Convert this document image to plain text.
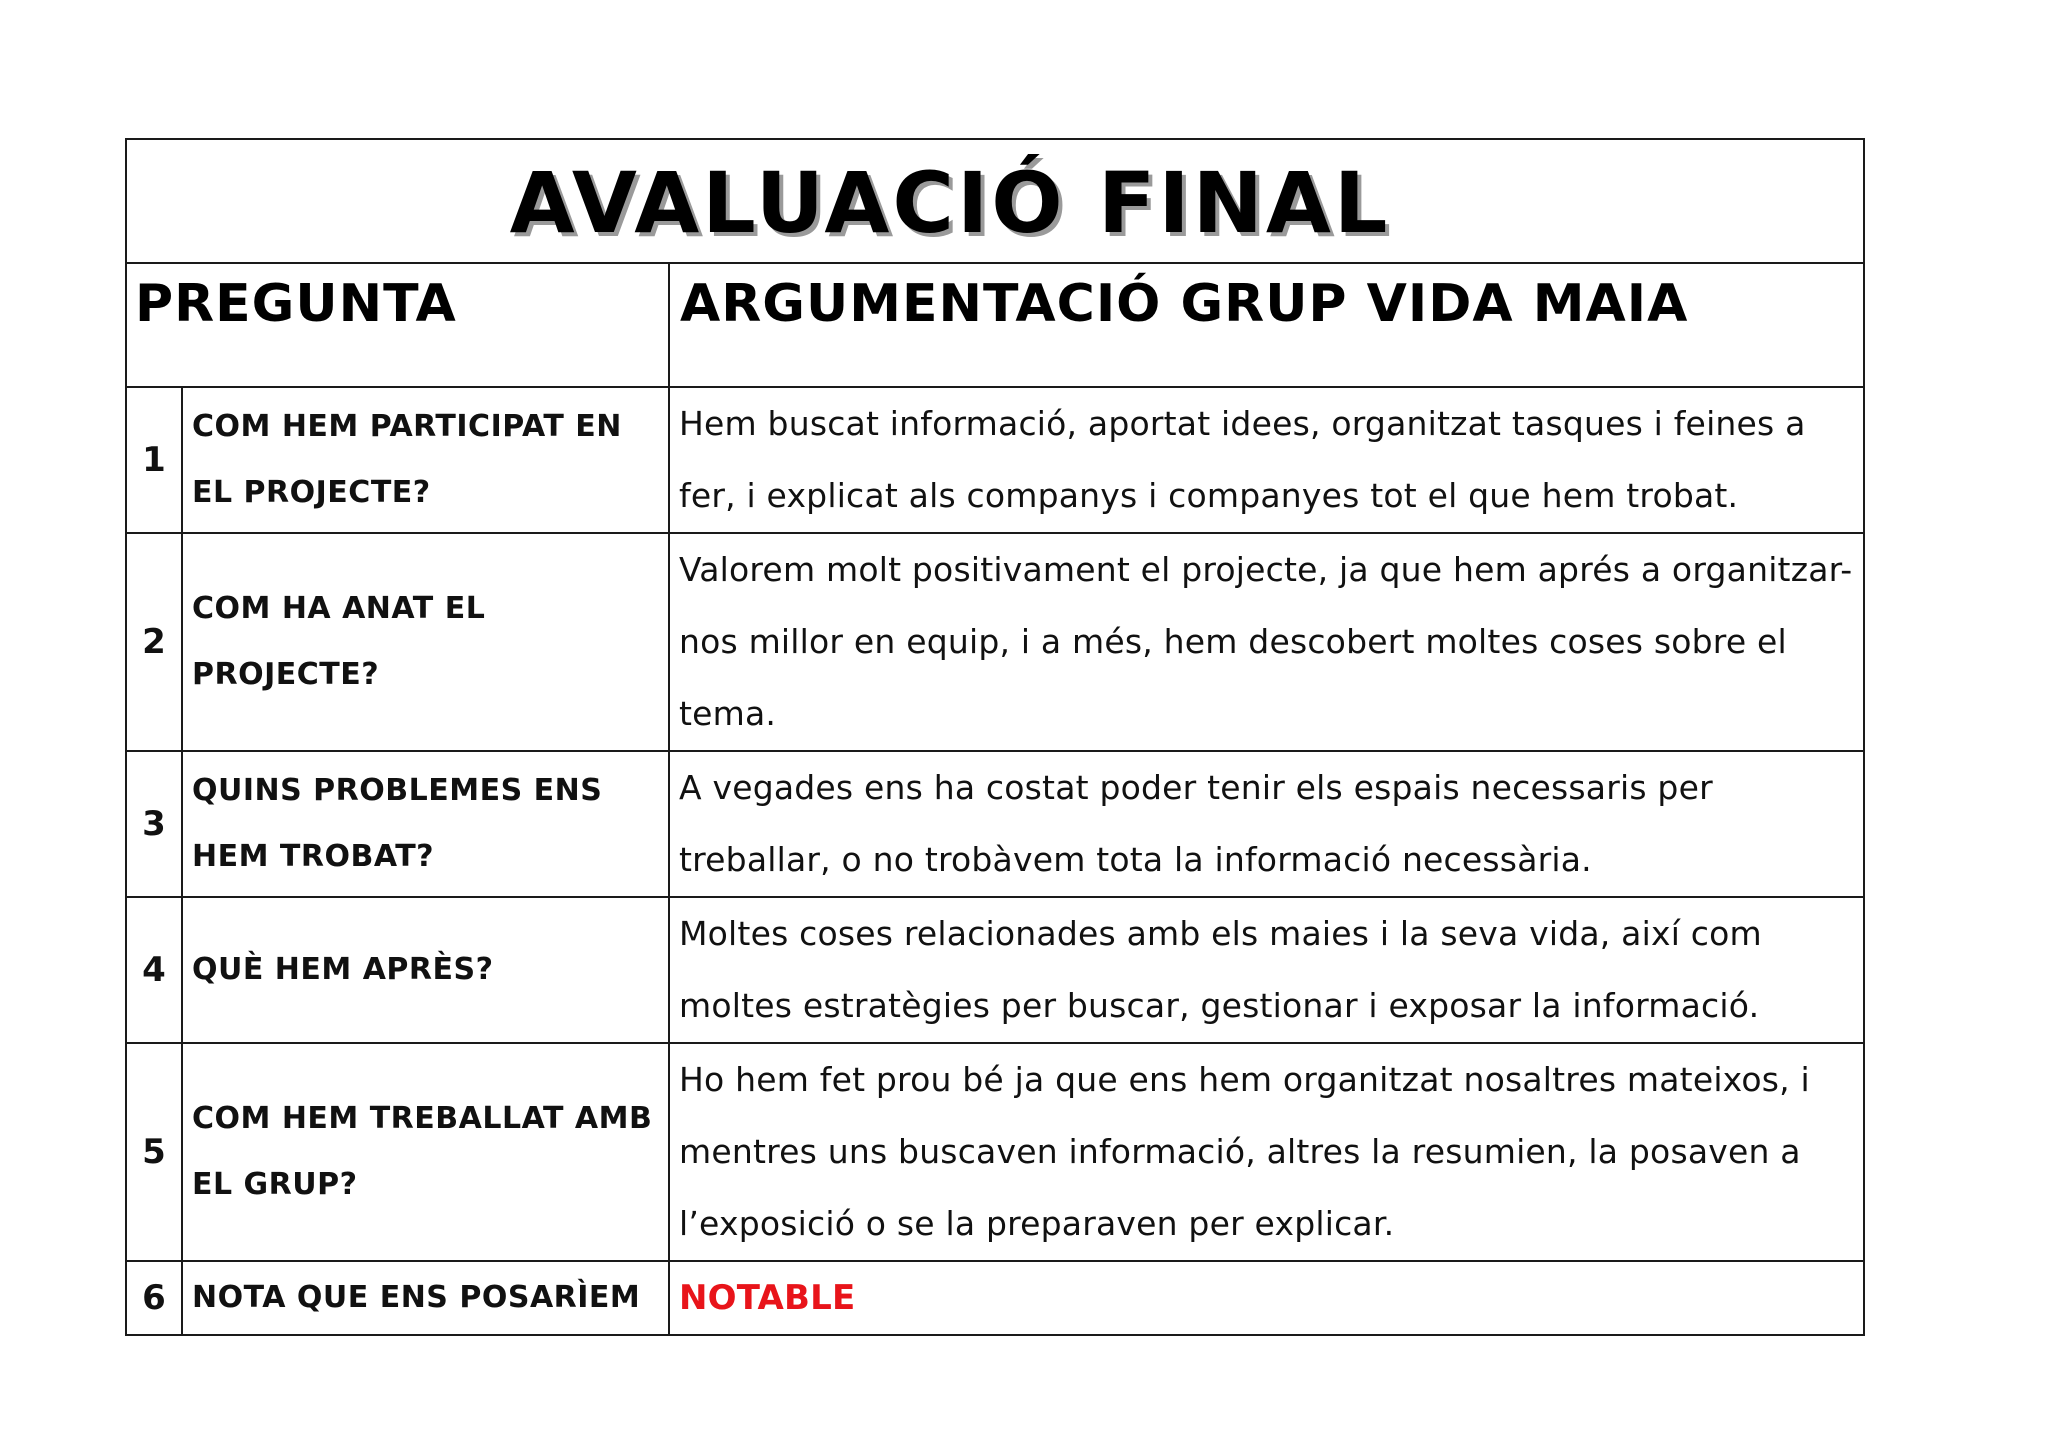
AVALUACIÓ FINAL		
PREGUNTA		ARGUMENTACIÓ GRUP VIDA MAIA
1	COM HEM PARTICIPAT EN EL PROJECTE?	Hem buscat informació, aportat idees, organitzat tasques i feines a fer, i explicat als companys i companyes tot el que hem trobat.
2	COM HA ANAT EL PROJECTE?	Valorem molt positivament el projecte, ja que hem aprés a organitzar-nos millor en equip, i a més, hem descobert moltes coses sobre el tema.
3	QUINS PROBLEMES ENS HEM TROBAT?	A vegades ens ha costat poder tenir els espais necessaris per treballar, o no trobàvem tota la informació necessària.
4	QUÈ HEM APRÈS?	Moltes coses relacionades amb els maies i la seva vida, així com moltes estratègies per buscar, gestionar i exposar la informació.
5	COM HEM TREBALLAT AMB EL GRUP?	Ho hem fet prou bé ja que ens hem organitzat nosaltres mateixos, i mentres uns buscaven informació, altres la resumien, la posaven a l’exposició o se la preparaven per explicar.
6	NOTA QUE ENS POSARÌEM	NOTABLE
